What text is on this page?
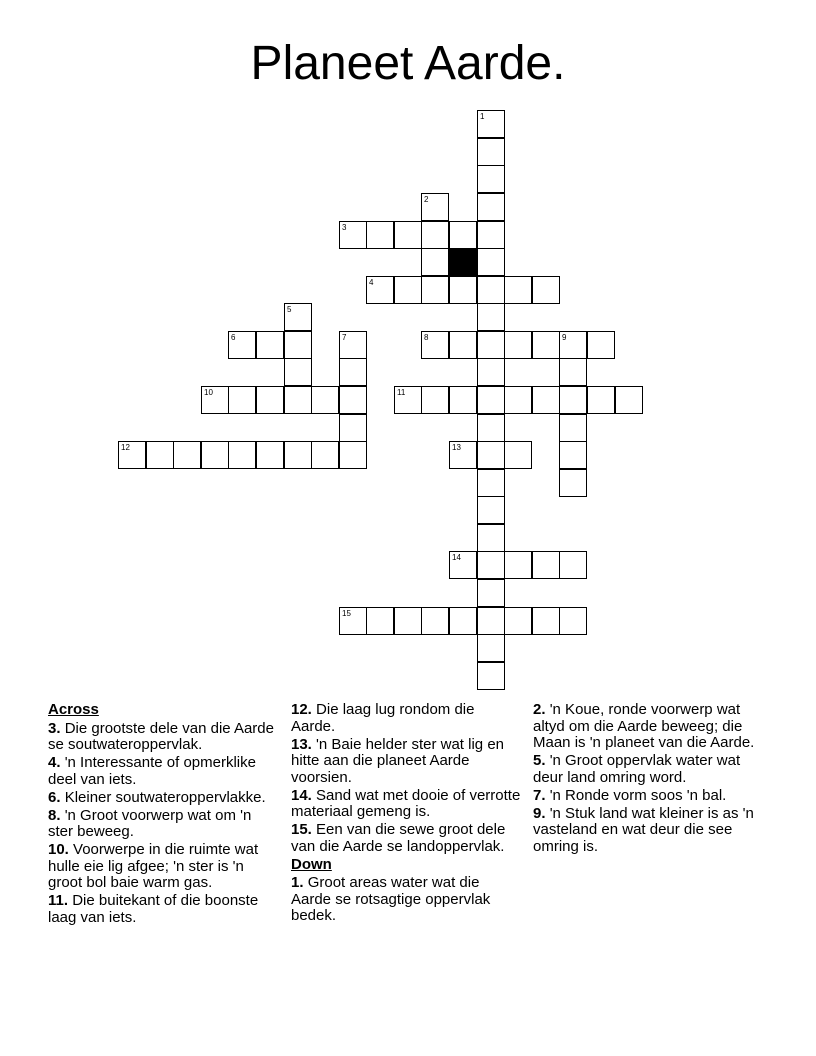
Planeet Aarde.
1
2
3
4
5
6	7	8	9
10	11
12	13
14
15
Across
3. Die grootste dele van die Aarde se soutwateroppervlak.
4. 'n Interessante of opmerklike deel van iets.
6. Kleiner soutwateroppervlakke.
8. 'n Groot voorwerp wat om 'n ster beweeg.
10. Voorwerpe in die ruimte wat hulle eie lig afgee; 'n ster is 'n groot bol baie warm gas.
11. Die buitekant of die boonste laag van iets.
12. Die laag lug rondom die Aarde.
13. 'n Baie helder ster wat lig en hitte aan die planeet Aarde voorsien.
14. Sand wat met dooie of verrotte materiaal gemeng is.
15. Een van die sewe groot dele van die Aarde se landoppervlak.
Down
1. Groot areas water wat die Aarde se rotsagtige oppervlak bedek.
2. 'n Koue, ronde voorwerp wat altyd om die Aarde beweeg; die Maan is 'n planeet van die Aarde.
5. 'n Groot oppervlak water wat deur land omring word.
7. 'n Ronde vorm soos 'n bal.
9. 'n Stuk land wat kleiner is as 'n vasteland en wat deur die see omring is.
